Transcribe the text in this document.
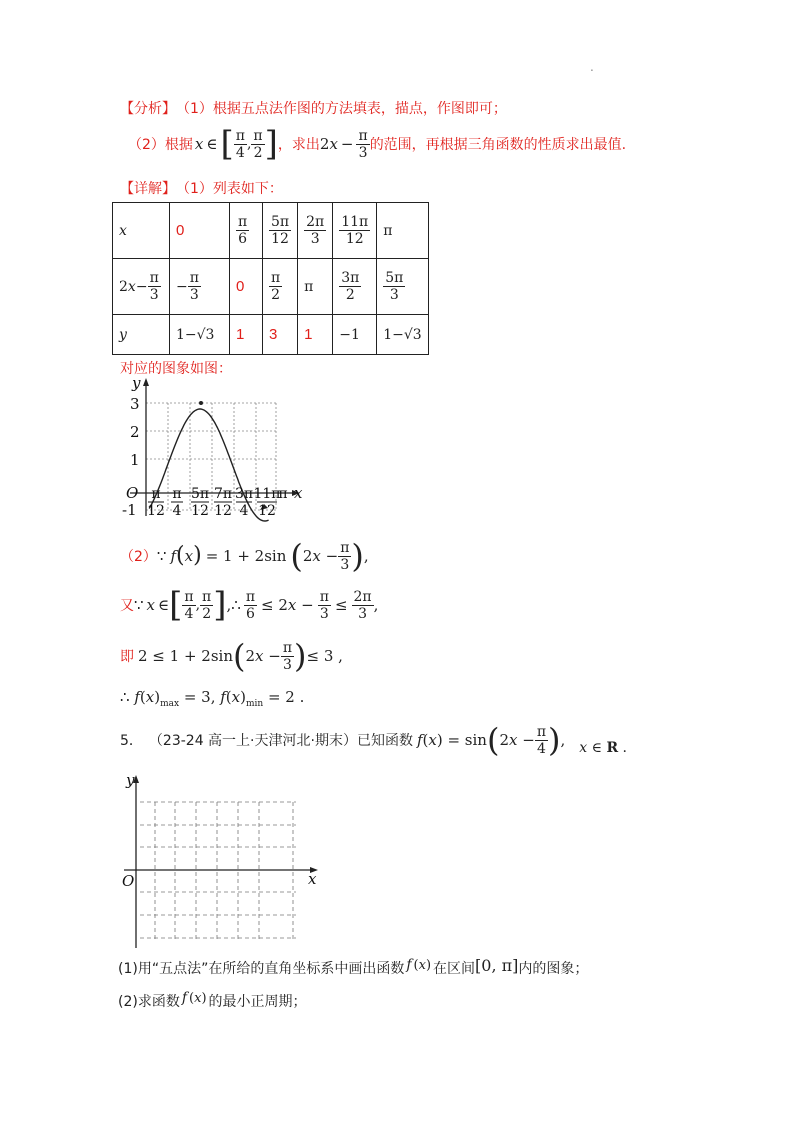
.
【分析】 （1）根据五点法作图的方法填表，描点，作图即可；
（2）根据 x ∈ [ $\frac{\pi}{4}$ , $\frac{\pi}{2}$ ] ，求出 2 $x - \frac{\pi}{3}$ 的范围，再根据三角函数的性质求出最值.
【详解】 （1）列表如下：
x	0	$\frac{\pi}{6}$	$\frac{5\pi}{12}$	$\frac{2\pi}{3}$	$\frac{11\pi}{12}$	π
$2x- \frac{\pi}{3}$	− $\frac{\pi}{3}$	0	$\frac{\pi}{2}$	π	$\frac{3\pi}{2}$	$\frac{5\pi}{3}$

y	1−√3	1	3	1	−1	1−√3
对应的图象如图：
3
2
1
-1
O	x
y
π
12
π
4
5π
12
7π
12
3π
4
11π
12
π
（2） ∵ f ( x ) = 1 + 2sin ( $2x - \frac{\pi}{3}$ ) ,
又 ∵ x ∈ [ $\frac{\pi}{4}$ , $\frac{\pi}{2}$ ] ,∴ $\frac{\pi}{6} \le 2x - \frac{\pi}{3} \le \frac{2\pi}{3}$ ,
即 2 ≤ 1 + 2sin ( $2x - \frac{\pi}{3}$ ) ≤ 3 ,
∴ $f(x)_{max} = 3$, $f(x)_{min} = 2$ .
5． （23-24 高一上·天津河北·期末）已知函数 f (x) = sin ( $2x - \frac{\pi}{4}$ ) , x ∈ R .
O	x
y
(1)用“五点法”在所给的直角坐标系中画出函数 f (x) 在区间 [0, π] 内的图象；
(2)求函数 f (x) 的最小正周期；
